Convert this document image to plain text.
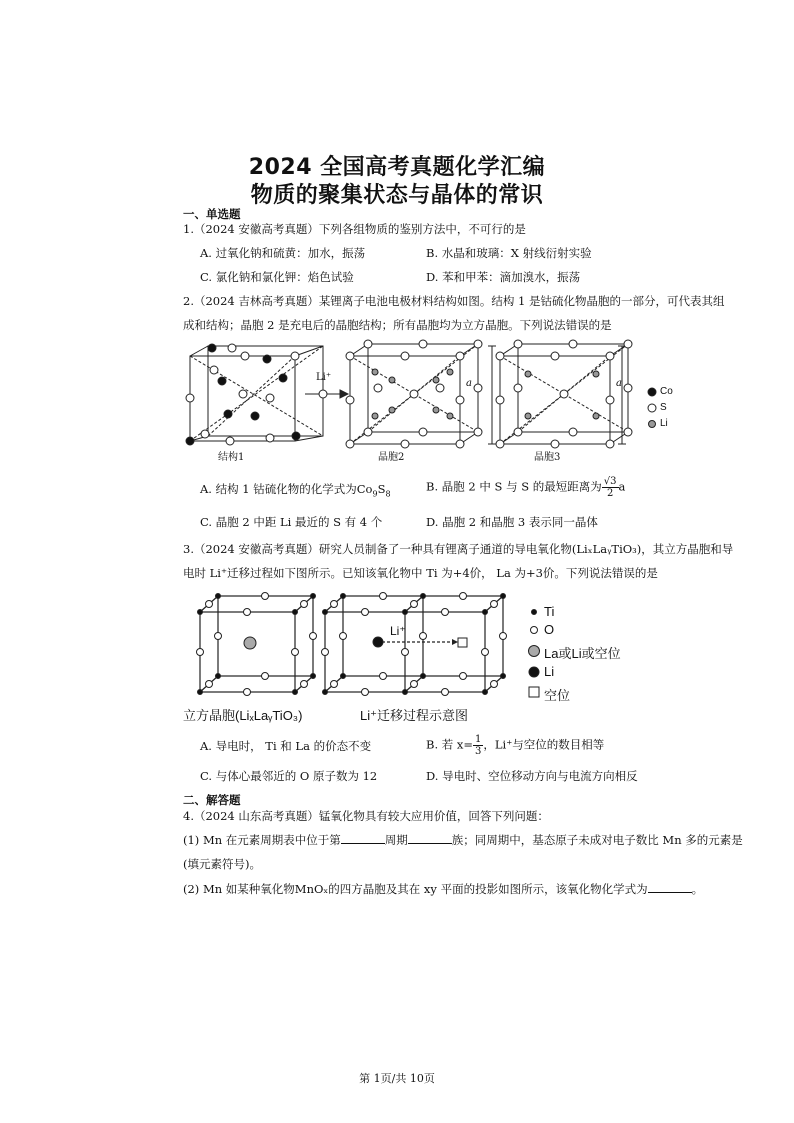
2024 全国高考真题化学汇编
物质的聚集状态与晶体的常识
一、单选题
1.（2024 安徽高考真题）下列各组物质的鉴别方法中，不可行的是
A. 过氧化钠和硫黄：加水，振荡	B. 水晶和玻璃：X 射线衍射实验
C. 氯化钠和氯化钾：焰色试验	D. 苯和甲苯：滴加溴水，振荡
2.（2024 吉林高考真题）某锂离子电池电极材料结构如图。结构 1 是钴硫化物晶胞的一部分，可代表其组
成和结构；晶胞 2 是充电后的晶胞结构；所有晶胞均为立方晶胞。下列说法错误的是
Li⁺
a	a
Co
S
Li
结构1	晶胞2	晶胞3
A. 结构 1 钴硫化物的化学式为$Co_9S_8$
B. 晶胞 2 中 S 与 S 的最短距离为 $\frac{√3}{2}a$
C. 晶胞 2 中距 Li 最近的 S 有 4 个	D. 晶胞 2 和晶胞 3 表示同一晶体
3.（2024 安徽高考真题）研究人员制备了一种具有锂离子通道的导电氧化物(LiₓLaᵧTiO₃)，其立方晶胞和导
电时 Li⁺迁移过程如下图所示。已知该氧化物中 Ti 为+4价， La 为+3价。下列说法错误的是
Li⁺
Ti
O
La或Li或空位
Li
空位
立方晶胞(LiₓLaᵧTiO₃)	Li⁺迁移过程示意图
A. 导电时， Ti 和 La 的价态不变	B. 若 $x= \frac{1}{3}$，Li⁺与空位的数目相等
C. 与体心最邻近的 O 原子数为 12	D. 导电时、空位移动方向与电流方向相反
二、解答题
4.（2024 山东高考真题）锰氧化物具有较大应用价值，回答下列问题：
(1) Mn 在元素周期表中位于第	周期	族；同周期中，基态原子未成对电子数比 Mn 多的元素是
(填元素符号)。
(2) Mn 如某种氧化物MnOₓ的四方晶胞及其在 xy 平面的投影如图所示，该氧化物化学式为	。
第 1页/共 10页
